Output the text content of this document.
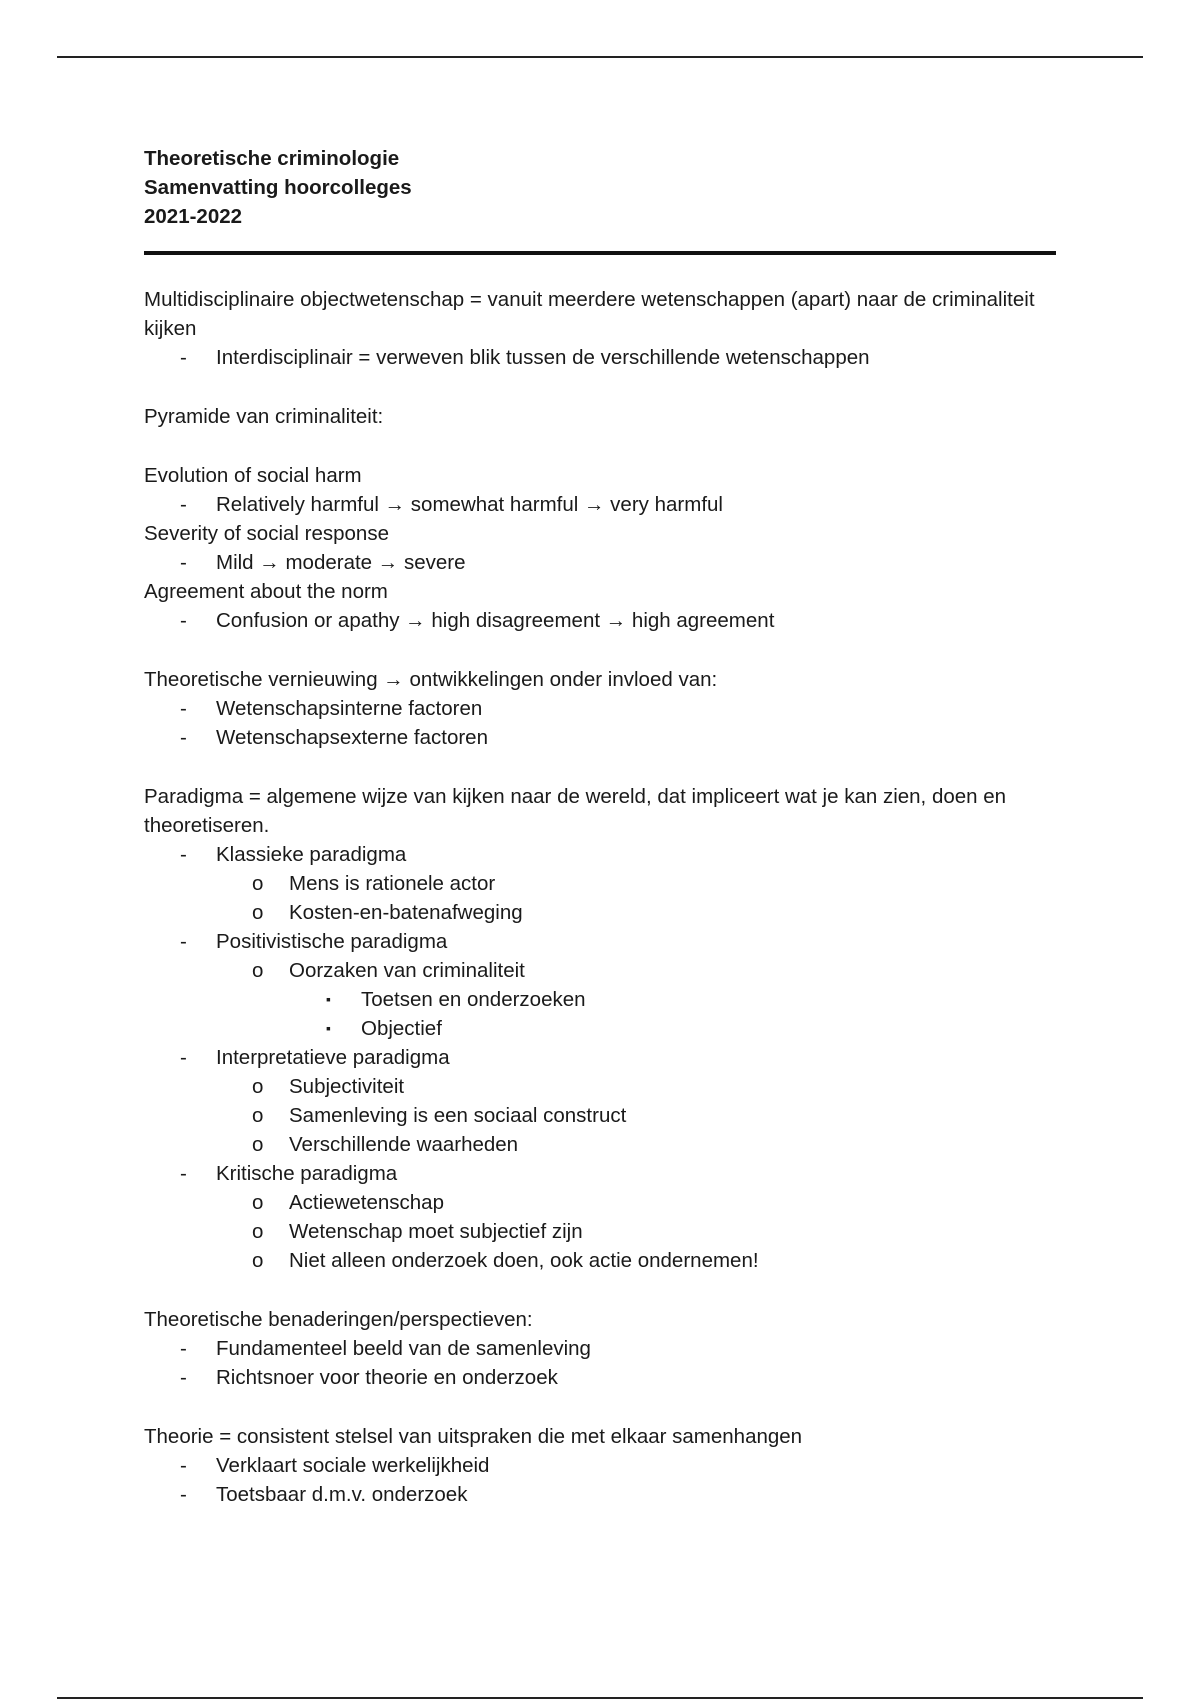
Theoretische criminologie
Samenvatting hoorcolleges
2021-2022

Multidisciplinaire objectwetenschap = vanuit meerdere wetenschappen (apart) naar de criminaliteit kijken

- Interdisciplinair = verweven blik tussen de verschillende wetenschappen

Pyramide van criminaliteit:

Evolution of social harm

- Relatively harmful → somewhat harmful → very harmful

Severity of social response

- Mild → moderate → severe

Agreement about the norm

- Confusion or apathy → high disagreement → high agreement

Theoretische vernieuwing → ontwikkelingen onder invloed van:

- Wetenschapsinterne factoren
- Wetenschapsexterne factoren

Paradigma = algemene wijze van kijken naar de wereld, dat impliceert wat je kan zien, doen en theoretiseren.

- Klassieke paradigma
o Mens is rationele actor
o Kosten-en-batenafweging
- Positivistische paradigma
o Oorzaken van criminaliteit
▪ Toetsen en onderzoeken
▪ Objectief
- Interpretatieve paradigma
o Subjectiviteit
o Samenleving is een sociaal construct
o Verschillende waarheden
- Kritische paradigma
o Actiewetenschap
o Wetenschap moet subjectief zijn
o Niet alleen onderzoek doen, ook actie ondernemen!

Theoretische benaderingen/perspectieven:

- Fundamenteel beeld van de samenleving
- Richtsnoer voor theorie en onderzoek

Theorie = consistent stelsel van uitspraken die met elkaar samenhangen

- Verklaart sociale werkelijkheid
- Toetsbaar d.m.v. onderzoek
